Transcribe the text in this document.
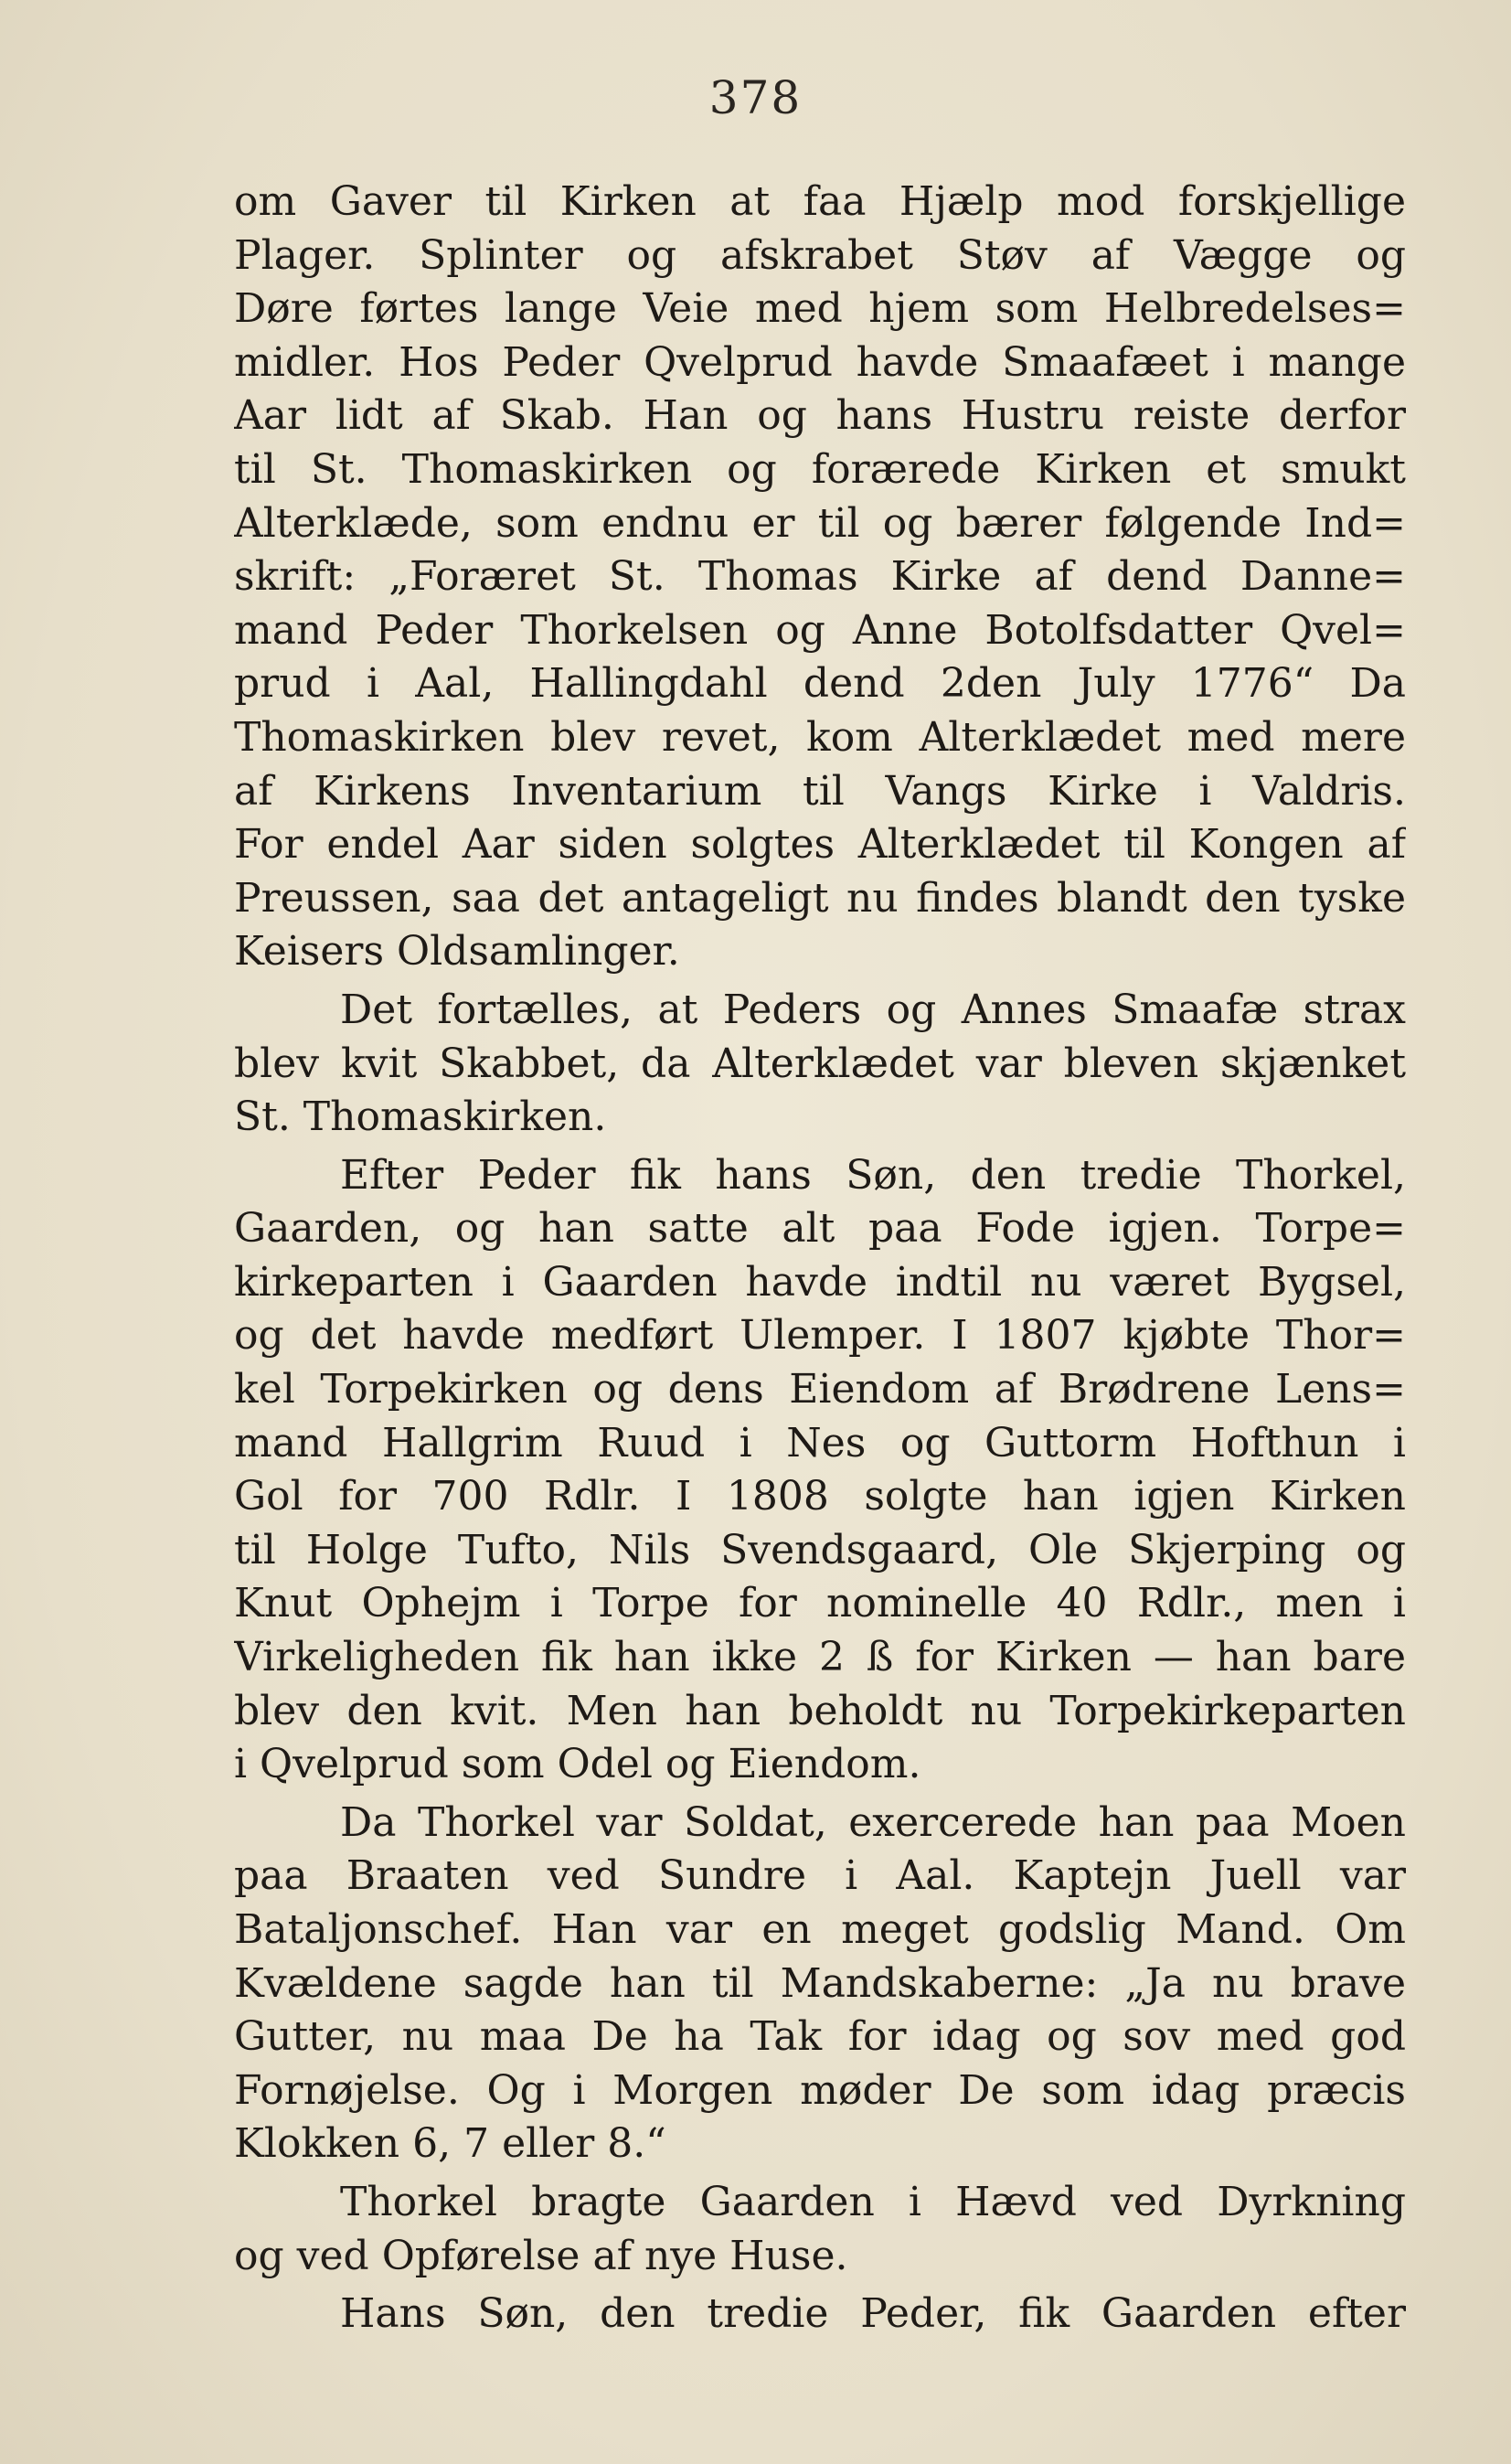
378
om Gaver til Kirken at faa Hjælp mod forskjellige
Plager. Splinter og afskrabet Støv af Vægge og
Døre førtes lange Veie med hjem som Helbredelses=
midler. Hos Peder Qvelprud havde Smaafæet i mange
Aar lidt af Skab. Han og hans Hustru reiste derfor
til St. Thomaskirken og forærede Kirken et smukt
Alterklæde, som endnu er til og bærer følgende Ind=
skrift: „Foræret St. Thomas Kirke af dend Danne=
mand Peder Thorkelsen og Anne Botolfsdatter Qvel=
prud i Aal, Hallingdahl dend 2den July 1776“ Da
Thomaskirken blev revet, kom Alterklædet med mere
af Kirkens Inventarium til Vangs Kirke i Valdris.
For endel Aar siden solgtes Alterklædet til Kongen af
Preussen, saa det antageligt nu findes blandt den tyske
Keisers Oldsamlinger.
Det fortælles, at Peders og Annes Smaafæ strax
blev kvit Skabbet, da Alterklædet var bleven skjænket
St. Thomaskirken.
Efter Peder fik hans Søn, den tredie Thorkel,
Gaarden, og han satte alt paa Fode igjen. Torpe=
kirkeparten i Gaarden havde indtil nu været Bygsel,
og det havde medført Ulemper. I 1807 kjøbte Thor=
kel Torpekirken og dens Eiendom af Brødrene Lens=
mand Hallgrim Ruud i Nes og Guttorm Hofthun i
Gol for 700 Rdlr. I 1808 solgte han igjen Kirken
til Holge Tufto, Nils Svendsgaard, Ole Skjerping og
Knut Ophejm i Torpe for nominelle 40 Rdlr., men i
Virkeligheden fik han ikke 2 ß for Kirken — han bare
blev den kvit. Men han beholdt nu Torpekirkeparten
i Qvelprud som Odel og Eiendom.
Da Thorkel var Soldat, exercerede han paa Moen
paa Braaten ved Sundre i Aal. Kaptejn Juell var
Bataljonschef. Han var en meget godslig Mand. Om
Kvældene sagde han til Mandskaberne: „Ja nu brave
Gutter, nu maa De ha Tak for idag og sov med god
Fornøjelse. Og i Morgen møder De som idag præcis
Klokken 6, 7 eller 8.“
Thorkel bragte Gaarden i Hævd ved Dyrkning
og ved Opførelse af nye Huse.
Hans Søn, den tredie Peder, fik Gaarden efter
